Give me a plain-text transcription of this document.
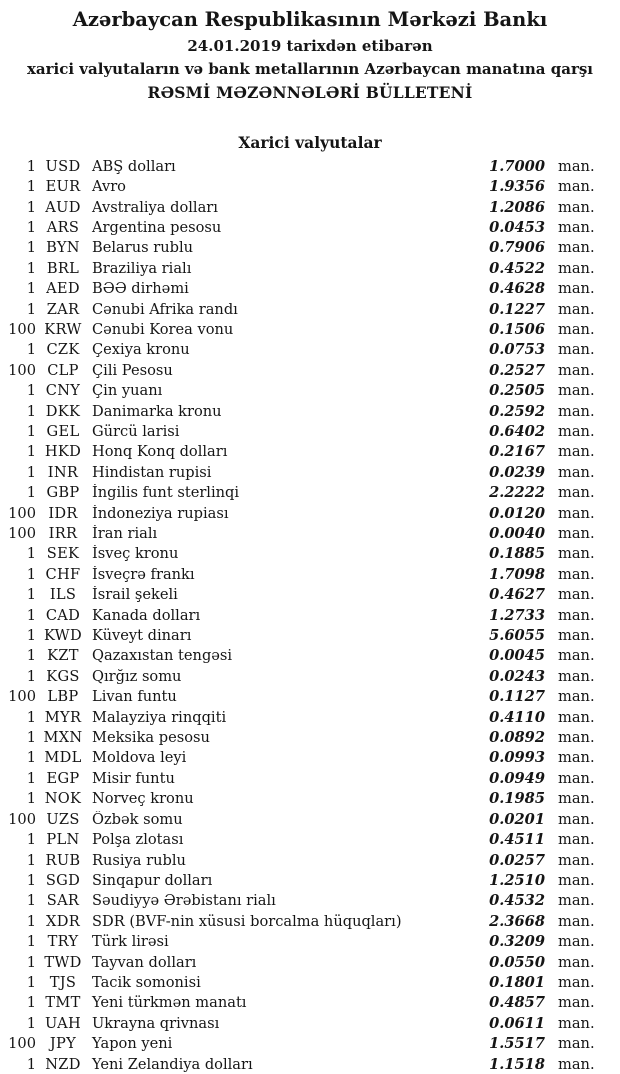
Azərbaycan Respublikasının Mərkəzi Bankı
24.01.2019 tarixdən etibarən
xarici valyutaların və bank metallarının Azərbaycan manatına qarşı
RƏSMİ MƏZƏNNƏLƏRİ BÜLLETENİ
Xarici valyutalar
1 USD ABŞ dolları	1.7000 man.
1 EUR Avro	1.9356 man.
1 AUD Avstraliya dolları	1.2086 man.
1 ARS Argentina pesosu	0.0453 man.
1 BYN Belarus rublu	0.7906 man.
1 BRL Braziliya rialı	0.4522 man.
1 AED BƏƏ dirhəmi	0.4628 man.
1 ZAR Cənubi Afrika randı	0.1227 man.
100 KRW Cənubi Korea vonu	0.1506 man.
1 CZK Çexiya kronu	0.0753 man.
100 CLP Çili Pesosu	0.2527 man.
1 CNY Çin yuanı	0.2505 man.
1 DKK Danimarka kronu	0.2592 man.
1 GEL Gürcü larisi	0.6402 man.
1 HKD Honq Konq dolları	0.2167 man.
1 INR Hindistan rupisi	0.0239 man.
1 GBP İngilis funt sterlinqi	2.2222 man.
100 IDR İndoneziya rupiası	0.0120 man.
100 IRR	İran rialı	0.0040 man.
1 SEK İsveç kronu	0.1885 man.
1 CHF İsveçrə frankı	1.7098 man.
1 ILS	İsrail şekeli	0.4627 man.
1 CAD Kanada dolları	1.2733 man.
1 KWD Küveyt dinarı	5.6055 man.
1 KZT Qazaxıstan tengəsi	0.0045 man.
1 KGS Qırğız somu	0.0243 man.
100 LBP Livan funtu	0.1127 man.
1 MYR Malayziya rinqqiti	0.4110 man.
1 MXN Meksika pesosu	0.0892 man.
1 MDL Moldova leyi	0.0993 man.
1 EGP Misir funtu	0.0949 man.
1 NOK Norveç kronu	0.1985 man.
100 UZS Özbək somu	0.0201 man.
1 PLN Polşa zlotası	0.4511 man.
1 RUB Rusiya rublu	0.0257 man.
1 SGD Sinqapur dolları	1.2510 man.
1 SAR Səudiyyə Ərəbistanı rialı	0.4532 man.
1 XDR SDR (BVF-nin xüsusi borcalma hüquqları)	2.3668 man.
1 TRY Türk lirəsi	0.3209 man.
1 TWD Tayvan dolları	0.0550 man.
1 TJS	Tacik somonisi	0.1801 man.
1 TMT Yeni türkmən manatı	0.4857 man.
1 UAH Ukrayna qrivnası	0.0611 man.
100 JPY	Yapon yeni	1.5517 man.
1 NZD Yeni Zelandiya dolları	1.1518 man.
